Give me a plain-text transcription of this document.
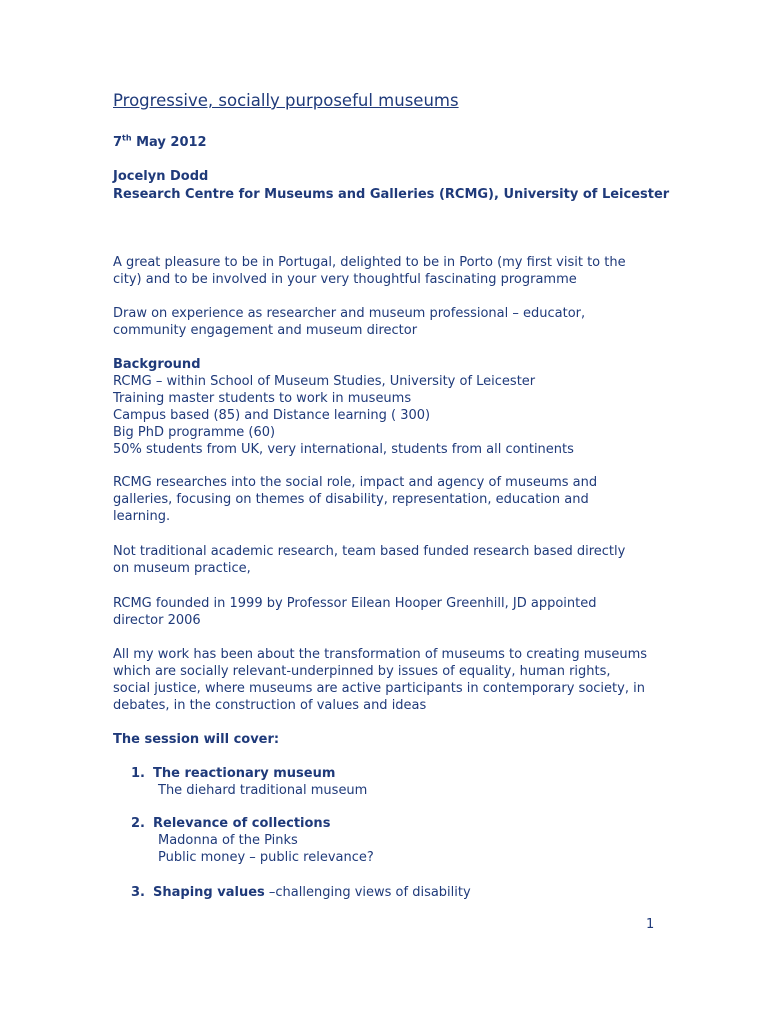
Progressive, socially purposeful museums
7th May 2012
Jocelyn Dodd
Research Centre for Museums and Galleries (RCMG), University of Leicester
A great pleasure to be in Portugal, delighted to be in Porto (my first visit to the
city) and to be involved in your very thoughtful fascinating programme
Draw on experience as researcher and museum professional – educator,
community engagement and museum director
Background
RCMG – within School of Museum Studies, University of Leicester
Training master students to work in museums
Campus based (85) and Distance learning ( 300)
Big PhD programme (60)
50% students from UK, very international, students from all continents
RCMG researches into the social role, impact and agency of museums and
galleries, focusing on themes of disability, representation, education and
learning.
Not traditional academic research, team based funded research based directly
on museum practice,
RCMG founded in 1999 by Professor Eilean Hooper Greenhill, JD appointed
director 2006
All my work has been about the transformation of museums to creating museums
which are socially relevant-underpinned by issues of equality, human rights,
social justice, where museums are active participants in contemporary society, in
debates, in the construction of values and ideas
The session will cover:
1. The reactionary museum
The diehard traditional museum
2. Relevance of collections
Madonna of the Pinks
Public money – public relevance?
3. Shaping values –challenging views of disability
1
